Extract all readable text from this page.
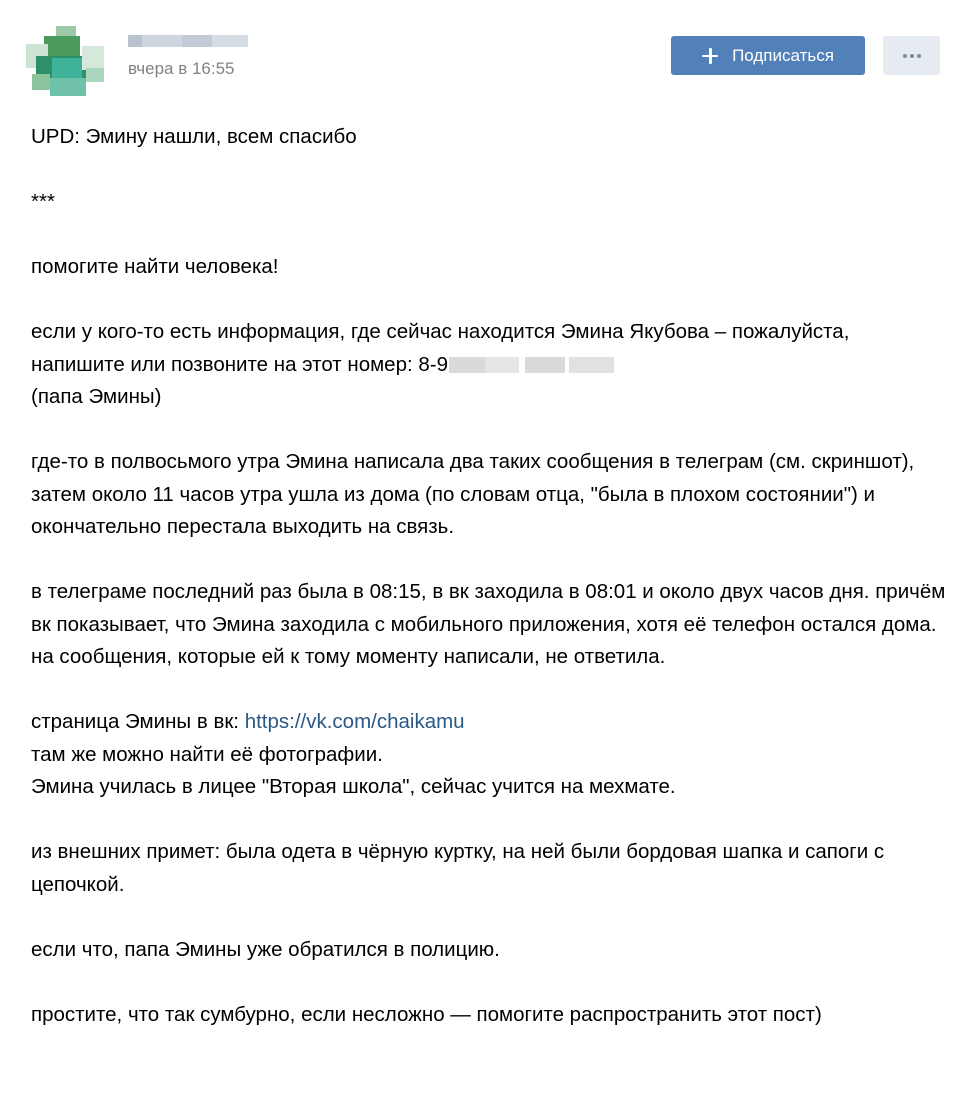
вчера в 16:55
Подписаться

UPD: Эмину нашли, всем спасибо

***

помогите найти человека!

если у кого-то есть информация, где сейчас находится Эмина Якубова – пожалуйста,

напишите или позвоните на этот номер: 8-9

(папа Эмины)

где-то в полвосьмого утра Эмина написала два таких сообщения в телеграм (см. скриншот), затем около 11 часов утра ушла из дома (по словам отца, "была в плохом состоянии") и окончательно перестала выходить на связь.

в телеграме последний раз была в 08:15, в вк заходила в 08:01 и около двух часов дня. причём вк показывает, что Эмина заходила с мобильного приложения, хотя её телефон остался дома. на сообщения, которые ей к тому моменту написали, не ответила.

страница Эмины в вк: https://vk.com/chaikamu

там же можно найти её фотографии.

Эмина училась в лицее "Вторая школа", сейчас учится на мехмате.

из внешних примет: была одета в чёрную куртку, на ней были бордовая шапка и сапоги с цепочкой.

если что, папа Эмины уже обратился в полицию.

простите, что так сумбурно, если несложно — помогите распространить этот пост)
